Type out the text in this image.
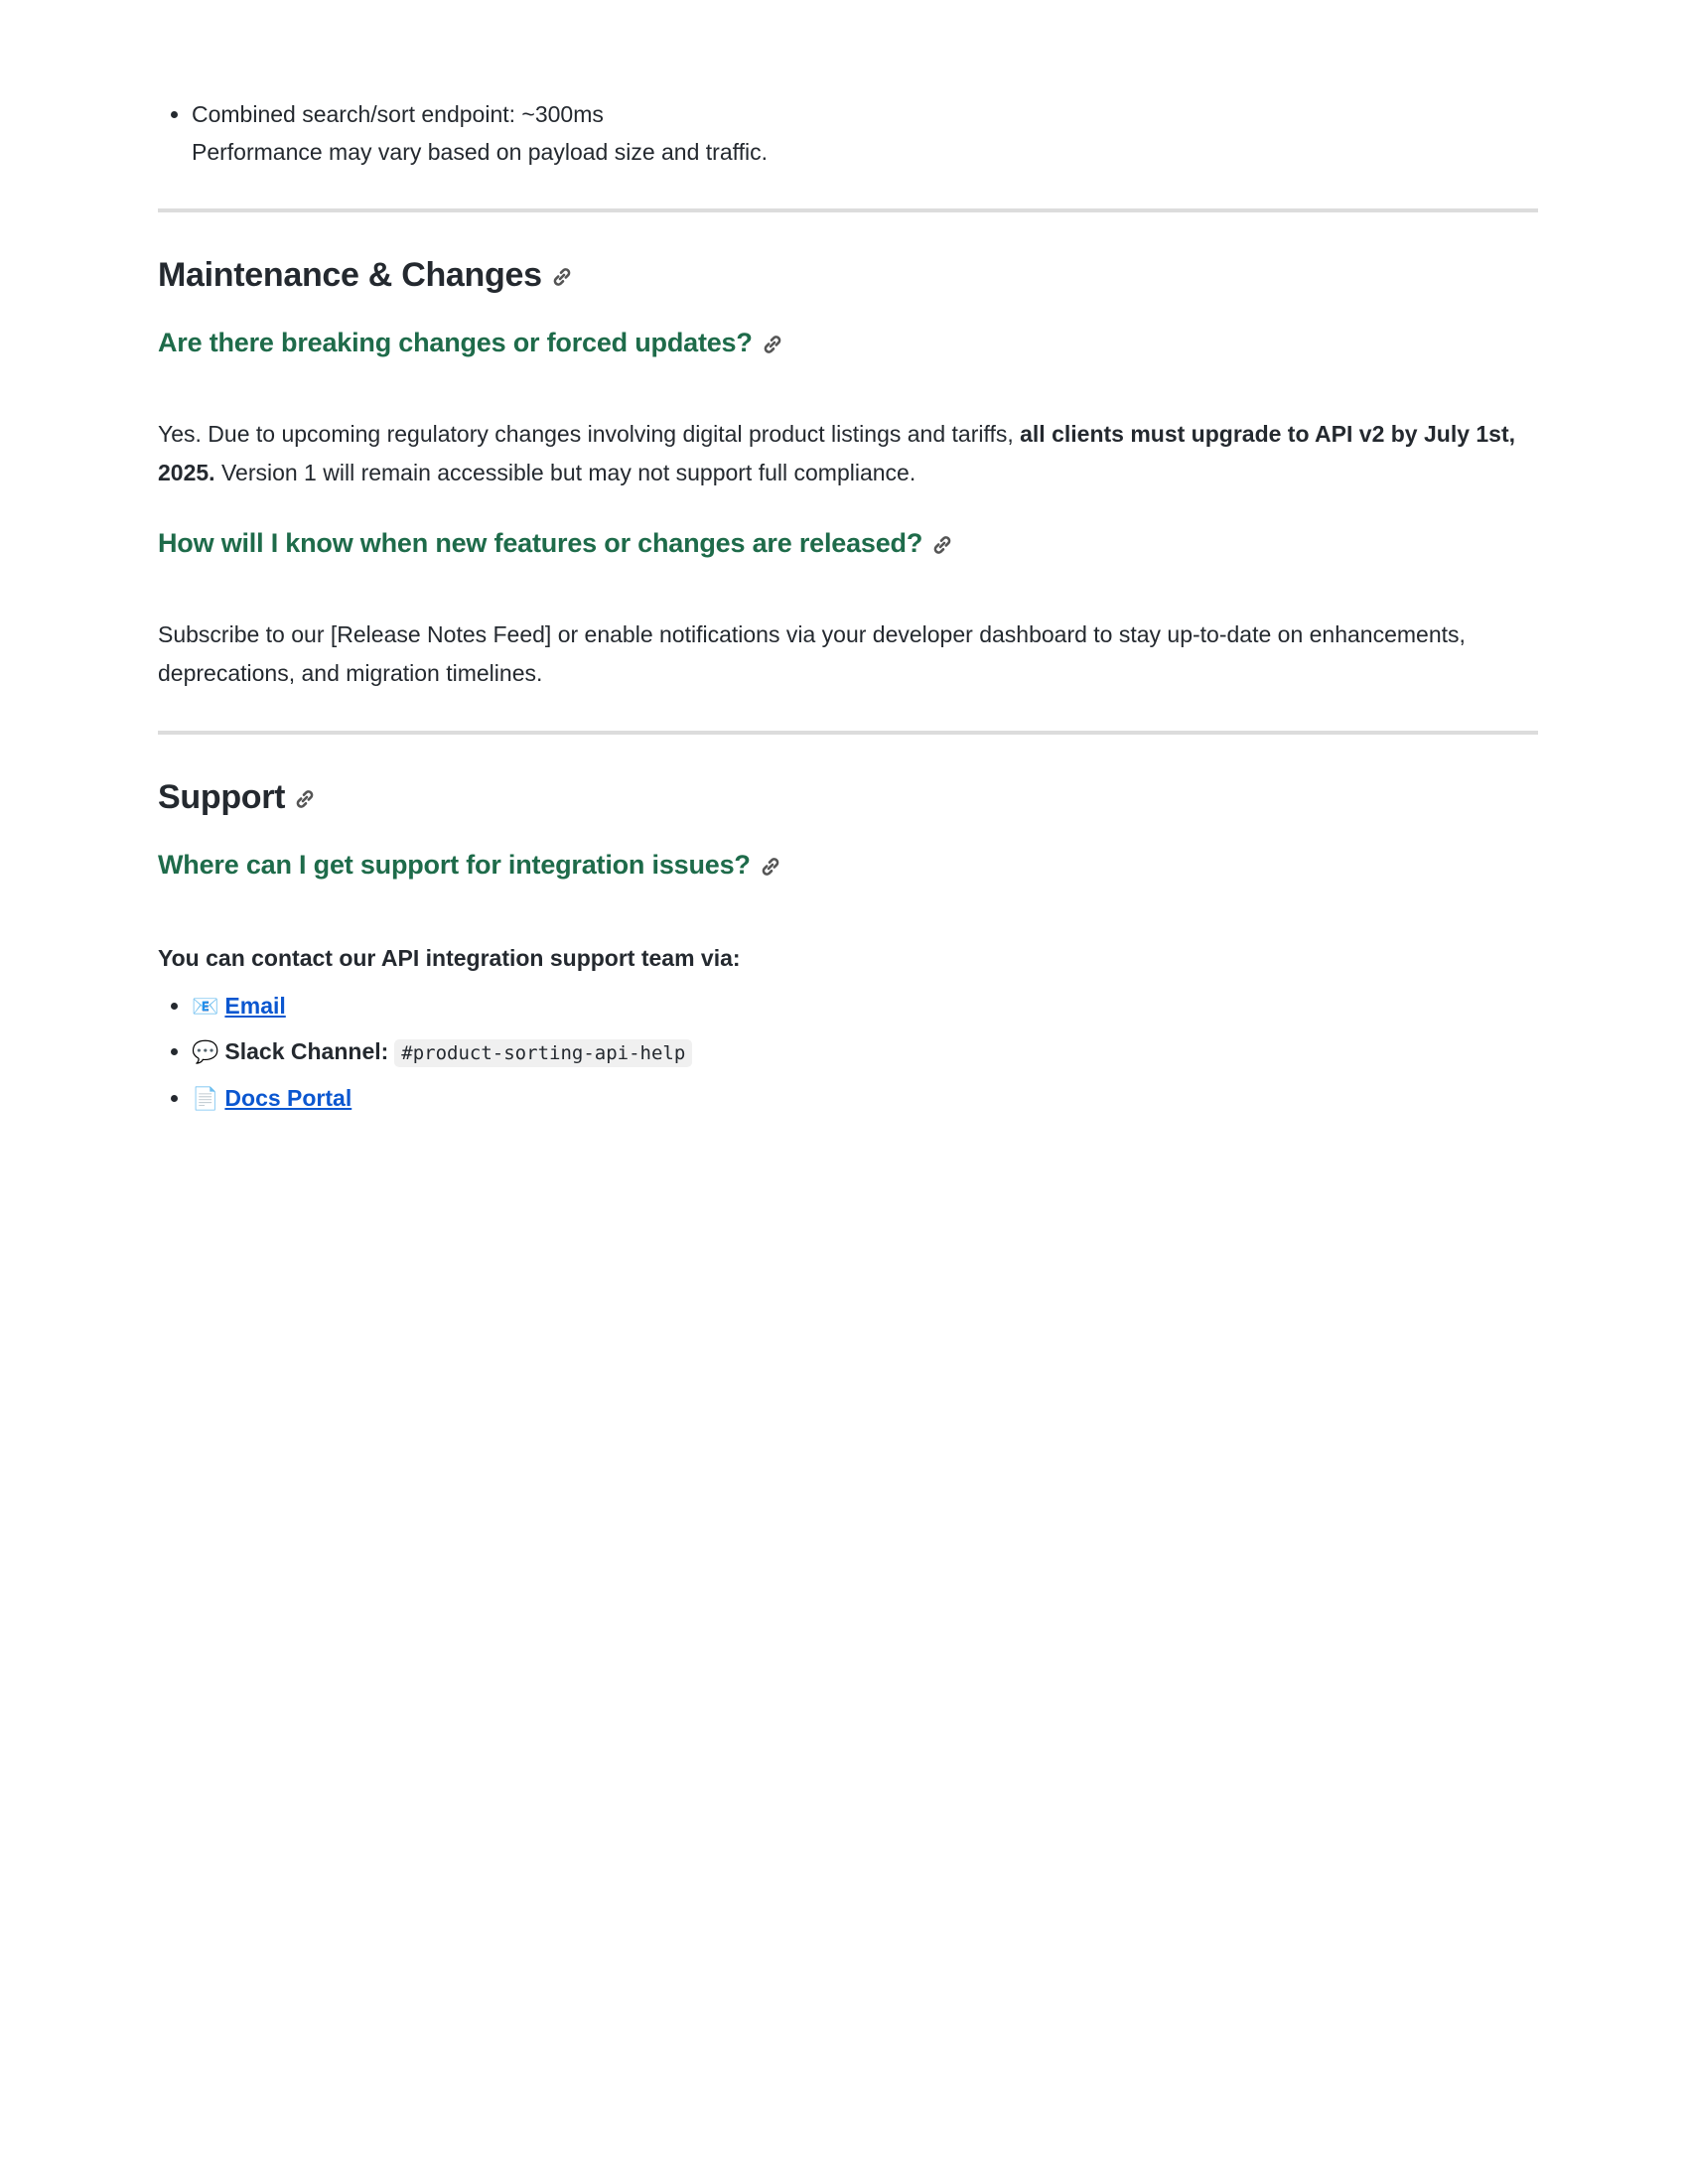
• Combined search/sort endpoint: ~300ms
Performance may vary based on payload size and traffic.
Maintenance & Changes
Are there breaking changes or forced updates?

Yes. Due to upcoming regulatory changes involving digital product listings and tariffs, all clients must upgrade to API v2 by July 1st, 2025. Version 1 will remain accessible but may not support full compliance.

How will I know when new features or changes are released?

Subscribe to our [Release Notes Feed] or enable notifications via your developer dashboard to stay up-to-date on enhancements, deprecations, and migration timelines.

Support
Where can I get support for integration issues?

You can contact our API integration support team via:

• 📧 Email
• 💬 Slack Channel: #product-sorting-api-help
• 📄 Docs Portal
